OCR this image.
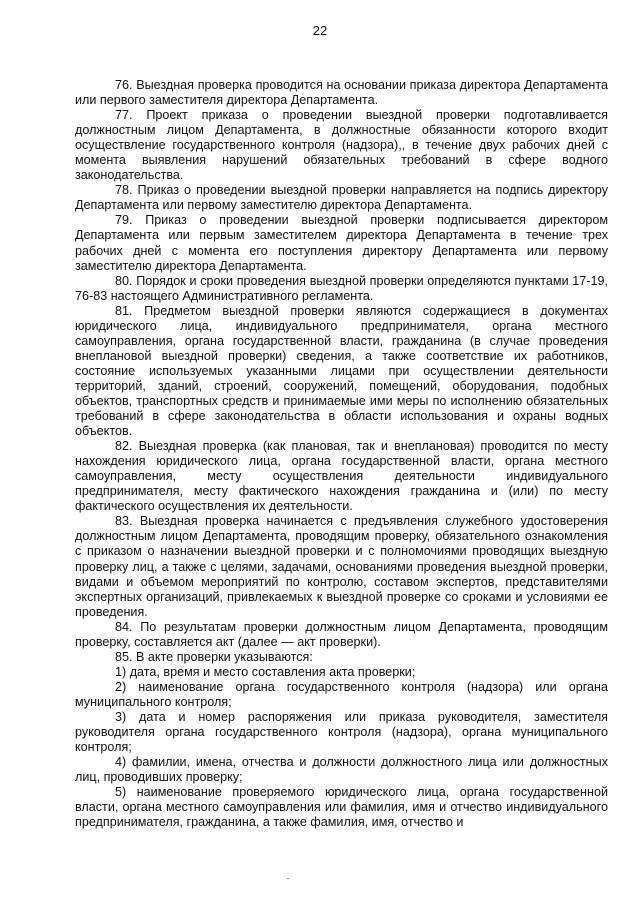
22

76. Выездная проверка проводится на основании приказа директора Департамента или первого заместителя директора Департамента.

77. Проект приказа о проведении выездной проверки подготавливается должностным лицом Департамента, в должностные обязанности которого входит осуществление государственного контроля (надзора),, в течение двух рабочих дней с момента выявления нарушений обязательных требований в сфере водного законодательства.

78. Приказ о проведении выездной проверки направляется на подпись директору Департамента или первому заместителю директора Департамента.

79. Приказ о проведении выездной проверки подписывается директором Департамента или первым заместителем директора Департамента в течение трех рабочих дней с момента его поступления директору Департамента или первому заместителю директора Департамента.

80. Порядок и сроки проведения выездной проверки определяются пунктами 17-19, 76-83 настоящего Административного регламента.

81. Предметом выездной проверки являются содержащиеся в документах юридического лица, индивидуального предпринимателя, органа местного самоуправления, органа государственной власти, гражданина (в случае проведения внеплановой выездной проверки) сведения, а также соответствие их работников, состояние используемых указанными лицами при осуществлении деятельности территорий, зданий, строений, сооружений, помещений, оборудования, подобных объектов, транспортных средств и принимаемые ими меры по исполнению обязательных требований в сфере законодательства в области использования и охраны водных объектов.

82. Выездная проверка (как плановая, так и внеплановая) проводится по месту нахождения юридического лица, органа государственной власти, органа местного самоуправления, месту осуществления деятельности индивидуального предпринимателя, месту фактического нахождения гражданина и (или) по месту фактического осуществления их деятельности.

83. Выездная проверка начинается с предъявления служебного удостоверения должностным лицом Департамента, проводящим проверку, обязательного ознакомления с приказом о назначении выездной проверки и с полномочиями проводящих выездную проверку лиц, а также с целями, задачами, основаниями проведения выездной проверки, видами и объемом мероприятий по контролю, составом экспертов, представителями экспертных организаций, привлекаемых к выездной проверке со сроками и условиями ее проведения.

84. По результатам проверки должностным лицом Департамента, проводящим проверку, составляется акт (далее — акт проверки).

85. В акте проверки указываются:

1) дата, время и место составления акта проверки;

2) наименование органа государственного контроля (надзора) или органа муниципального контроля;

3) дата и номер распоряжения или приказа руководителя, заместителя руководителя органа государственного контроля (надзора), органа муниципального контроля;

4) фамилии, имена, отчества и должности должностного лица или должностных лиц, проводивших проверку;

5) наименование проверяемого юридического лица, органа государственной власти, органа местного самоуправления или фамилия, имя и отчество индивидуального предпринимателя, гражданина, а также фамилия, имя, отчество и
